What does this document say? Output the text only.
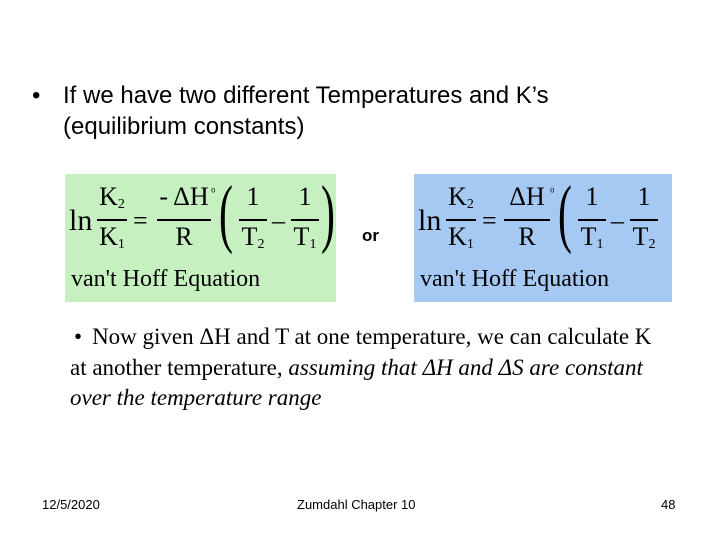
• If we have two different Temperatures and K’s (equilibrium constants)
ln
$K_2$
$K_1$
=
- ΔH
R
⁰ ( 1
$T_2$
–
1
$T_1$ )
van't Hoff Equation
or ln
$K_2$
$K_1$
=
ΔH
R
⁰ ( 1
$T_1$
–
1
$T_2$
van't Hoff Equation
• Now given ΔH and T at one temperature, we can calculate K at another temperature, assuming that ΔH and ΔS are constant over the temperature range
12/5/2020	Zumdahl Chapter 10	48
